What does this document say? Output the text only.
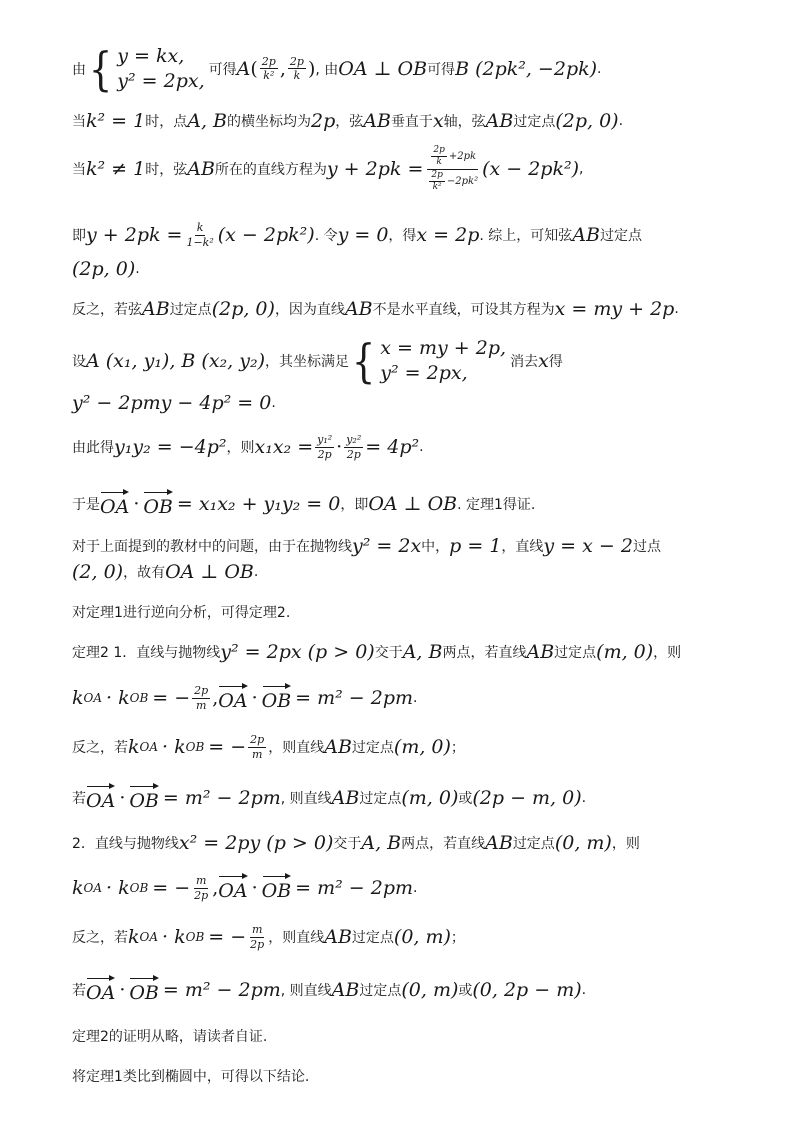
由 { y = kx,
y² = 2px, 可得 A ( $\frac{2p}{\text{k²}}$ , $\frac{2p}{k}$ ) , 由 OA ⊥ OB 可得 B (2pk², −2pk) .
当 k² = 1 时，点 A, B 的横坐标均为 2p ，弦 AB 垂直于 x 轴，弦 AB 过定点 (2p, 0) .
当 k² ≠ 1 时，弦 AB 所在的直线方程为 $y + 2pk = \frac{\frac{2p}{k} +2pk}{\frac{2p}{\text{k²}} -2pk^2} (x - 2pk^2)$ ,
即 $y + 2pk = \frac{k}{\text{1−k²}} (x - 2pk^2)$ . 令 y = 0 ，得 x = 2p . 综上，可知弦 AB 过定点
(2p, 0) .
反之，若弦 AB 过定点 (2p, 0) ，因为直线 AB 不是水平直线，可设其方程为 x = my + 2p .
设 A (x₁, y₁), B (x₂, y₂) ，其坐标满足 { x = my + 2p,
y² = 2px,	消去 x 得
y² − 2pmy − 4p² = 0 .
由此得 y₁y₂ = −4p² ，则 $x_1x_2 = \frac{\text{y₁²}}{2p} \cdot \frac{\text{y₂²}}{2p} = 4p^2$ .
于是 OA · OB = x₁x₂ + y₁y₂ = 0 ，即 OA ⊥ OB . 定理1得证.
对于上面提到的教材中的问题，由于在抛物线 y² = 2x 中， p = 1 ，直线 y = x − 2 过点
(2, 0) ，故有 OA ⊥ OB .
对定理1进行逆向分析，可得定理2.
定理2 1．直线与抛物线 y² = 2px (p > 0) 交于 A, B 两点，若直线 AB 过定点 (m, 0) ，则
k OA · k OB = − $\frac{2p}{m}$ , OA · OB = m² − 2pm .
反之，若 k OA · k OB = − $\frac{2p}{m}$ ，则直线 AB 过定点 (m, 0) ；
若 OA · OB = m² − 2pm , 则直线 AB 过定点 (m, 0) 或 (2p − m, 0) .
2．直线与抛物线 x² = 2py (p > 0) 交于 A, B 两点，若直线 AB 过定点 (0, m) ，则
k OA · k OB = − $\frac{m}{2p}$ , OA · OB = m² − 2pm .
反之，若 k OA · k OB = − $\frac{m}{2p}$ ，则直线 AB 过定点 (0, m) ；
若 OA · OB = m² − 2pm , 则直线 AB 过定点 (0, m) 或 (0, 2p − m) .
定理2的证明从略，请读者自证.
将定理1类比到椭圆中，可得以下结论.
